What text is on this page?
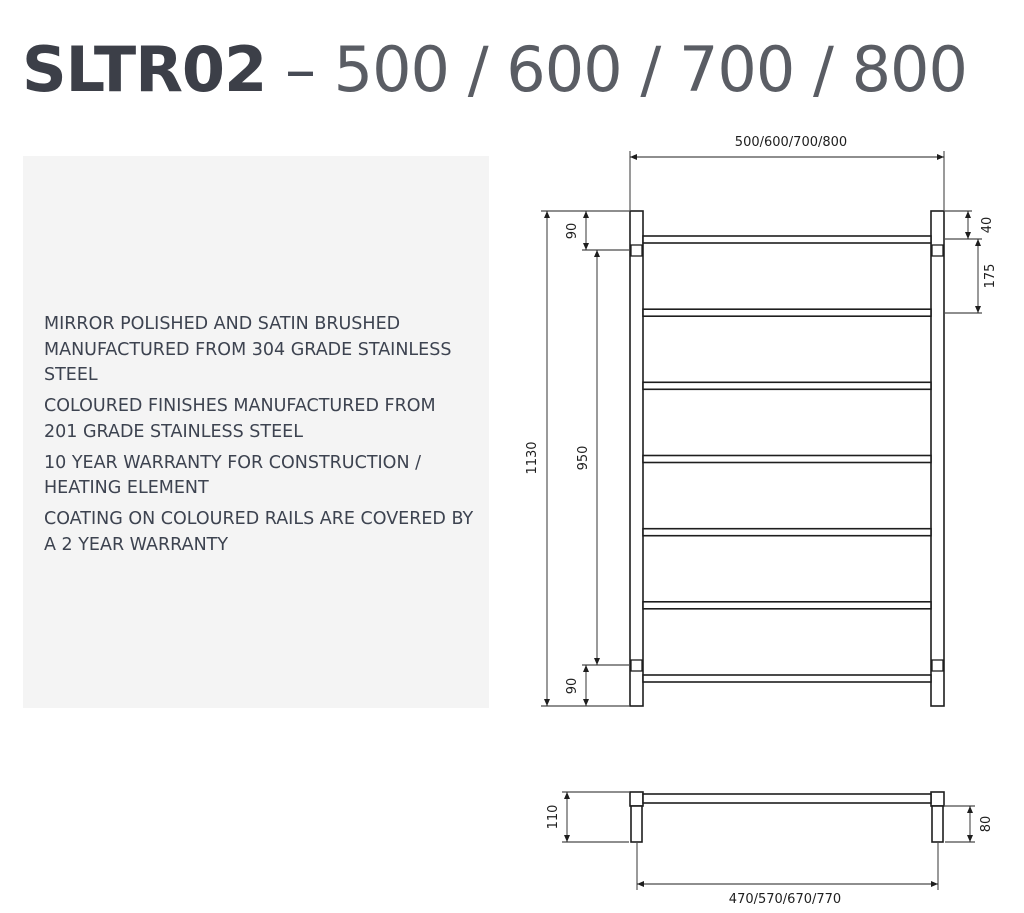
SLTR02 – 500 / 600 / 700 / 800
MIRROR POLISHED AND SATIN BRUSHED MANUFACTURED FROM 304 GRADE STAINLESS STEEL
COLOURED FINISHES MANUFACTURED FROM 201 GRADE STAINLESS STEEL
10 YEAR WARRANTY FOR CONSTRUCTION / HEATING ELEMENT
COATING ON COLOURED RAILS ARE COVERED BY A 2 YEAR WARRANTY
500/600/700/800
1130
90
950
90
40
175
110	80
470/570/670/770
